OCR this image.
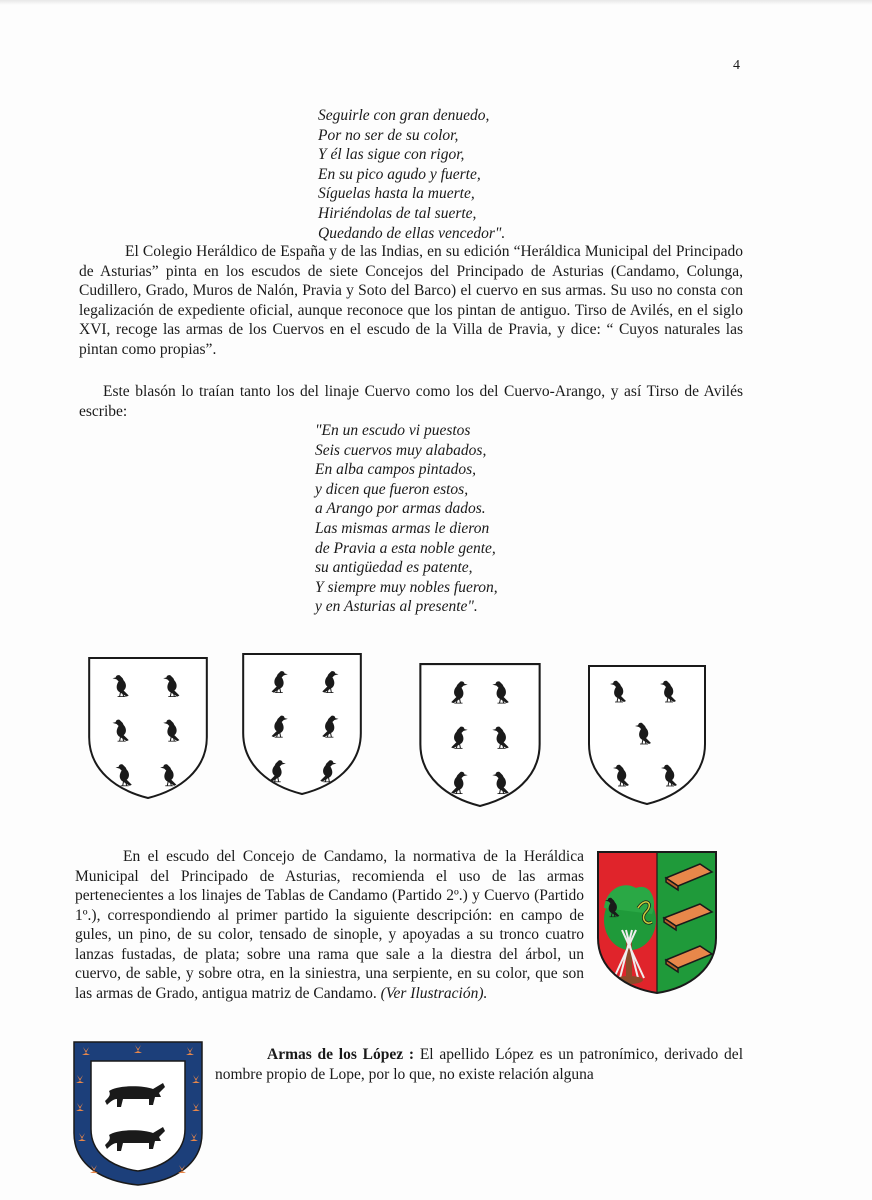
4
Seguirle con gran denuedo,
Por no ser de su color,
Y él las sigue con rigor,
En su pico agudo y fuerte,
Síguelas hasta la muerte,
Hiriéndolas de tal suerte,
Quedando de ellas vencedor".
El Colegio Heráldico de España y de las Indias, en su edición “Heráldica Municipal del Principado de Asturias” pinta en los escudos de siete Concejos del Principado de Asturias (Candamo, Colunga, Cudillero, Grado, Muros de Nalón, Pravia y Soto del Barco) el cuervo en sus armas. Su uso no consta con legalización de expediente oficial, aunque reconoce que los pintan de antiguo. Tirso de Avilés, en el siglo XVI, recoge las armas de los Cuervos en el escudo de la Villa de Pravia, y dice: “ Cuyos naturales las pintan como propias”.
Este blasón lo traían tanto los del linaje Cuervo como los del Cuervo-Arango, y así Tirso de Avilés escribe:
"En un escudo vi puestos
Seis cuervos muy alabados,
En alba campos pintados,
y dicen que fueron estos,
a Arango por armas dados.
Las mismas armas le dieron
de Pravia a esta noble gente,
su antigüedad es patente,
Y siempre muy nobles fueron,
y en Asturias al presente".
En el escudo del Concejo de Candamo, la normativa de la Heráldica Municipal del Principado de Asturias, recomienda el uso de las armas pertenecientes a los linajes de Tablas de Candamo (Partido 2º.) y Cuervo (Partido 1º.), correspondiendo al primer partido la siguiente descripción: en campo de gules, un pino, de su color, tensado de sinople, y apoyadas a su tronco cuatro lanzas fustadas, de plata; sobre una rama que sale a la diestra del árbol, un cuervo, de sable, y sobre otra, en la siniestra, una serpiente, en su color, que son las armas de Grado, antigua matriz de Candamo. (Ver Ilustración).
Armas de los López : El apellido López es un patronímico, derivado del nombre propio de Lope, por lo que, no existe relación alguna
